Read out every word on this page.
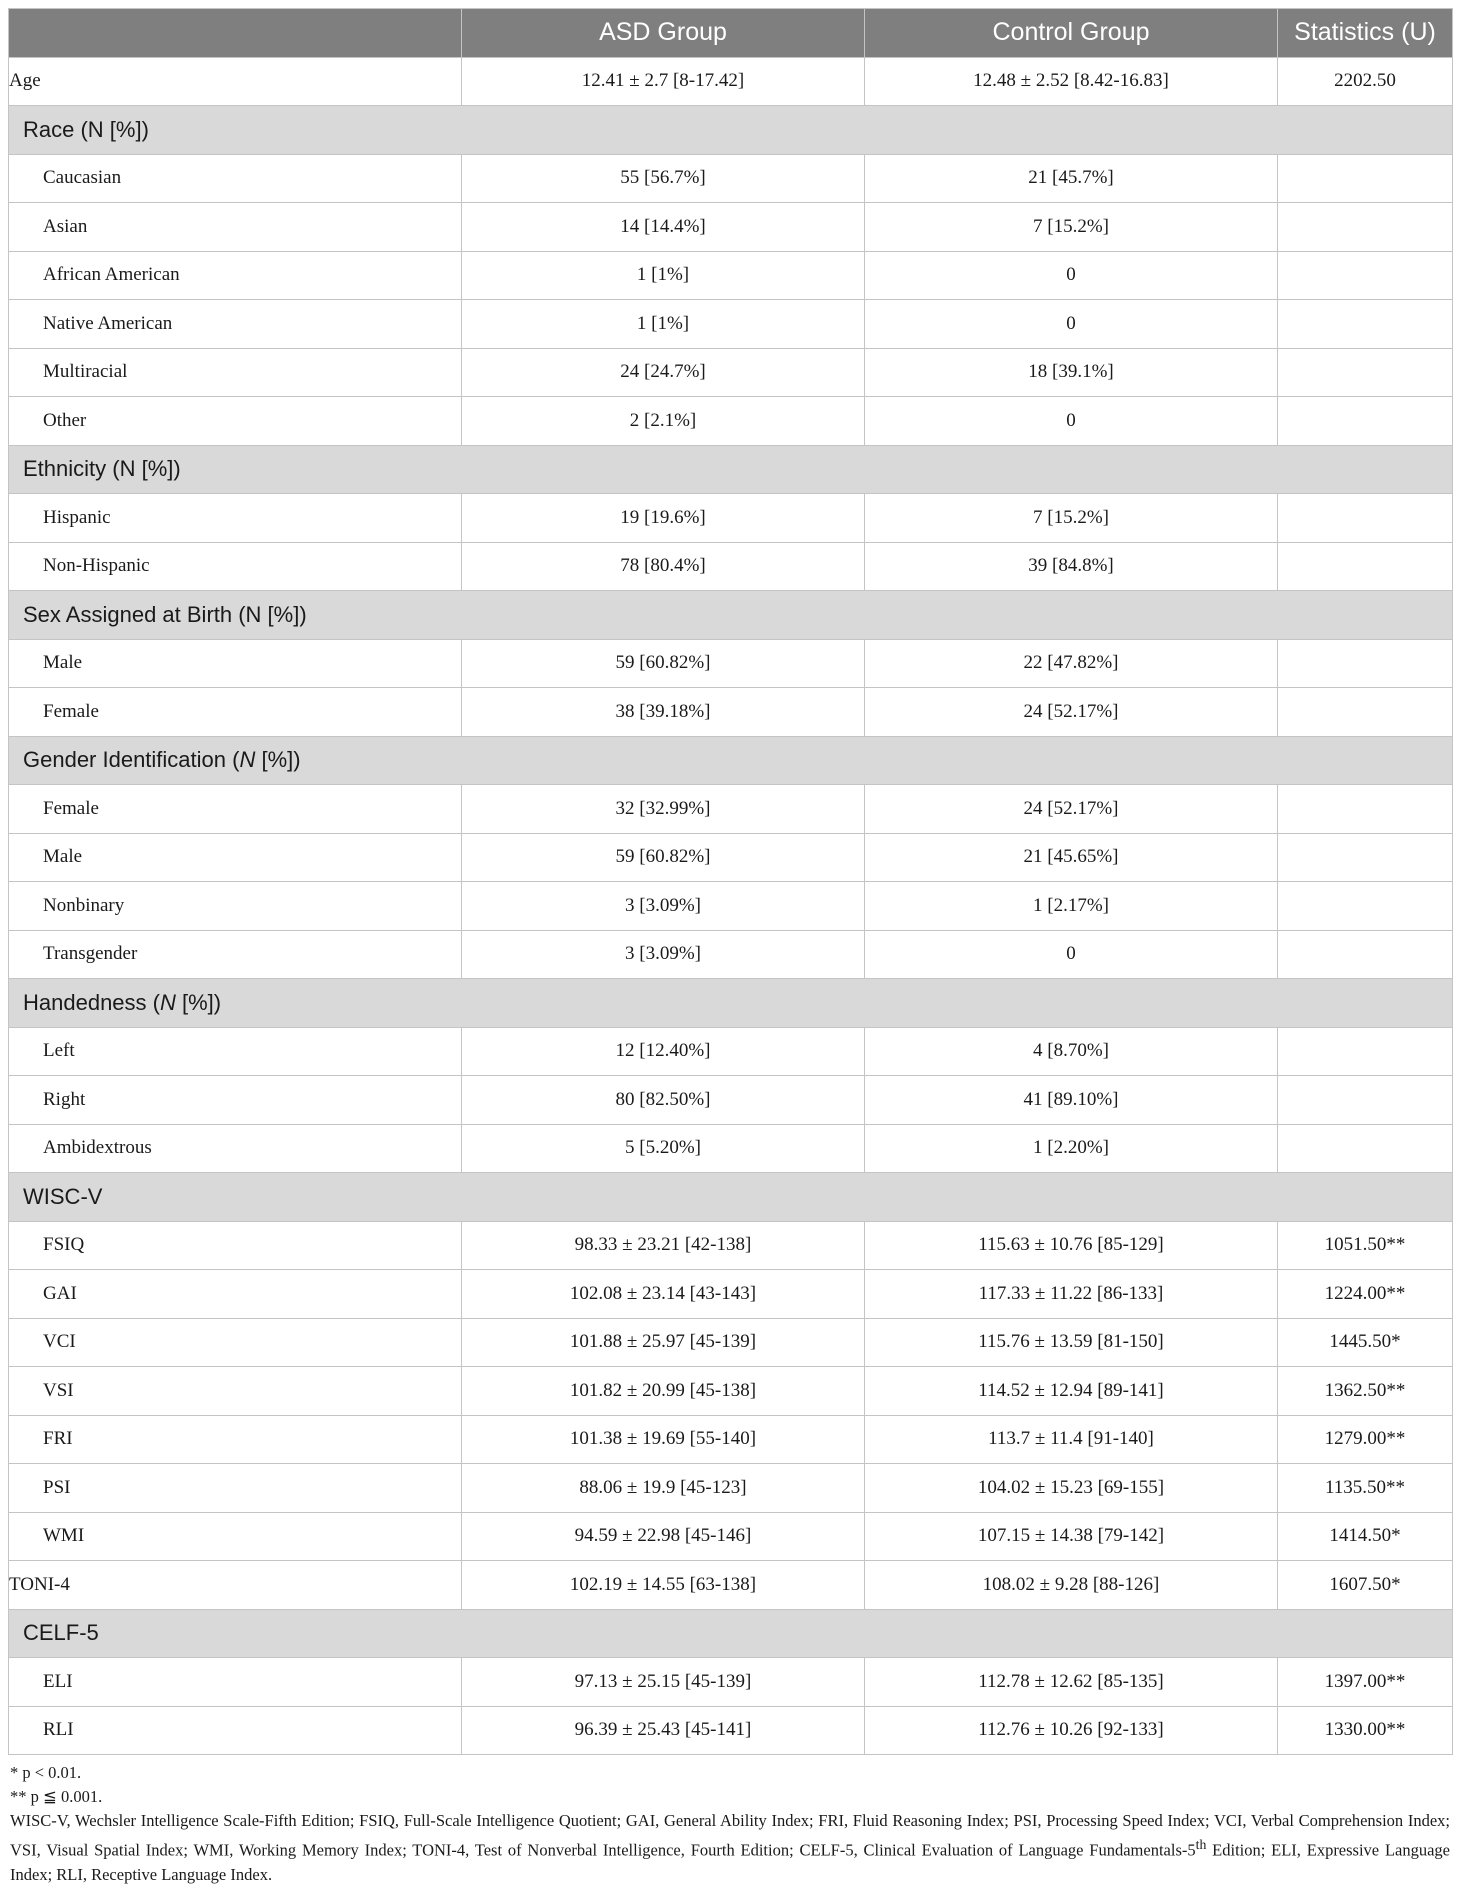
	ASD Group	Control Group	Statistics (U)
Age	12.41 ± 2.7 [8-17.42]	12.48 ± 2.52 [8.42-16.83]	2202.50
Race (N [%])			
Caucasian	55 [56.7%]	21 [45.7%]	
Asian	14 [14.4%]	7 [15.2%]	
African American	1 [1%]	0	
Native American	1 [1%]	0	
Multiracial	24 [24.7%]	18 [39.1%]	
Other	2 [2.1%]	0	
Ethnicity (N [%])			
Hispanic	19 [19.6%]	7 [15.2%]	
Non-Hispanic	78 [80.4%]	39 [84.8%]	
Sex Assigned at Birth (N [%])			
Male	59 [60.82%]	22 [47.82%]	
Female	38 [39.18%]	24 [52.17%]	
Gender Identification (N [%])			
Female	32 [32.99%]	24 [52.17%]	
Male	59 [60.82%]	21 [45.65%]	
Nonbinary	3 [3.09%]	1 [2.17%]	
Transgender	3 [3.09%]	0	
Handedness (N [%])			
Left	12 [12.40%]	4 [8.70%]	
Right	80 [82.50%]	41 [89.10%]	
Ambidextrous	5 [5.20%]	1 [2.20%]	
WISC-V			
FSIQ	98.33 ± 23.21 [42-138]	115.63 ± 10.76 [85-129]	1051.50**
GAI	102.08 ± 23.14 [43-143]	117.33 ± 11.22 [86-133]	1224.00**
VCI	101.88 ± 25.97 [45-139]	115.76 ± 13.59 [81-150]	1445.50*
VSI	101.82 ± 20.99 [45-138]	114.52 ± 12.94 [89-141]	1362.50**
FRI	101.38 ± 19.69 [55-140]	113.7 ± 11.4 [91-140]	1279.00**
PSI	88.06 ± 19.9 [45-123]	104.02 ± 15.23 [69-155]	1135.50**
WMI	94.59 ± 22.98 [45-146]	107.15 ± 14.38 [79-142]	1414.50*
TONI-4	102.19 ± 14.55 [63-138]	108.02 ± 9.28 [88-126]	1607.50*
CELF-5			
ELI	97.13 ± 25.15 [45-139]	112.78 ± 12.62 [85-135]	1397.00**
RLI	96.39 ± 25.43 [45-141]	112.76 ± 10.26 [92-133]	1330.00**
* p < 0.01.
** p ≦ 0.001.
WISC-V, Wechsler Intelligence Scale-Fifth Edition; FSIQ, Full-Scale Intelligence Quotient; GAI, General Ability Index; FRI, Fluid Reasoning Index; PSI, Processing Speed Index; VCI, Verbal Comprehension Index; VSI, Visual Spatial Index; WMI, Working Memory Index; TONI-4, Test of Nonverbal Intelligence, Fourth Edition; CELF-5, Clinical Evaluation of Language Fundamentals-5th Edition; ELI, Expressive Language Index; RLI, Receptive Language Index.
